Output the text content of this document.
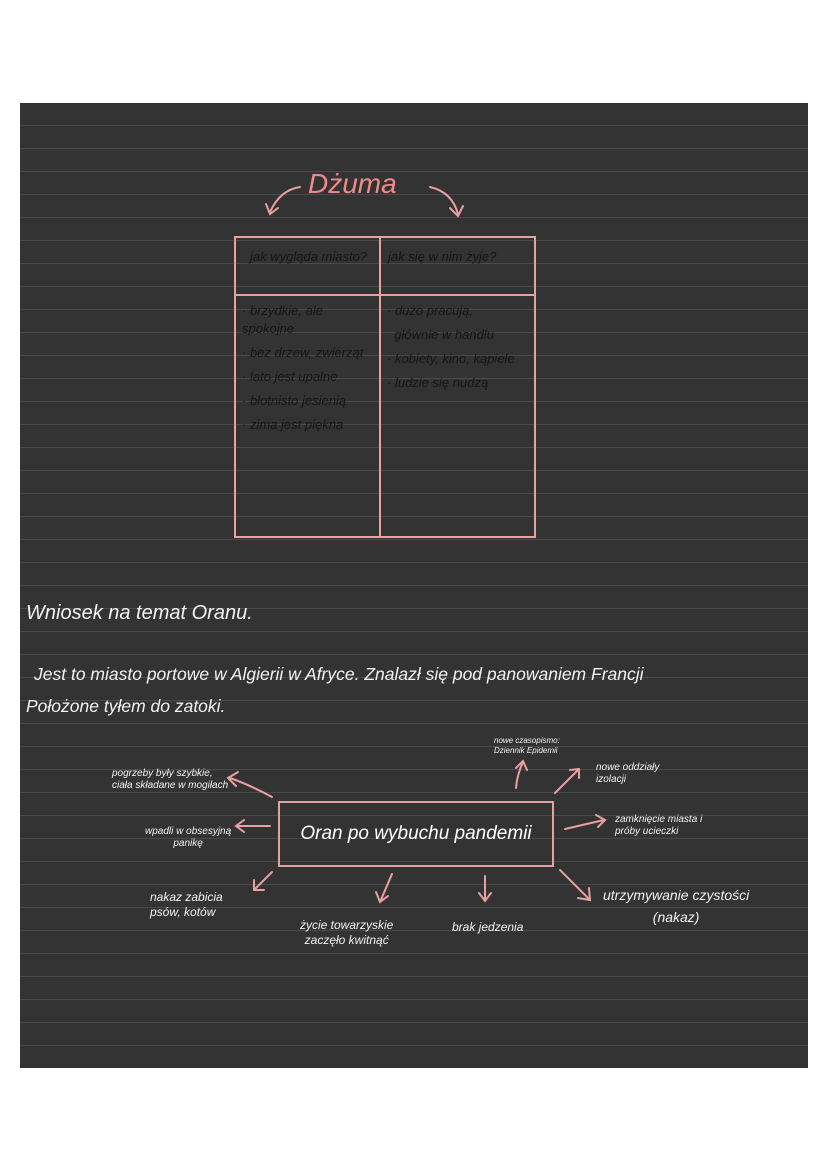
Dżuma
jak wygląda miasto? jak się w nim żyje?
· brzydkie, ale spokojne
· bez drzew, zwierząt
· lato jest upalne
· błotnisto jesienią
· zima jest piękna
· dużo pracują,
głównie w handlu
· kobiety, kino, kąpiele
· ludzie się nudzą
Wniosek na temat Oranu.
Jest to miasto portowe w Algierii w Afryce. Znalazł się pod panowaniem Francji
Położone tyłem do zatoki.
Oran po wybuchu pandemii
pogrzeby były szybkie,
ciała składane w mogiłach
wpadli w obsesyjną
panikę
nakaz zabicia
psów, kotów
życie towarzyskie
zaczęło kwitnąć
brak jedzenia
utrzymywanie czystości
(nakaz)
zamknięcie miasta i
próby ucieczki
nowe oddziały
izolacji
nowe czasopismo:
Dziennik Epidemii
